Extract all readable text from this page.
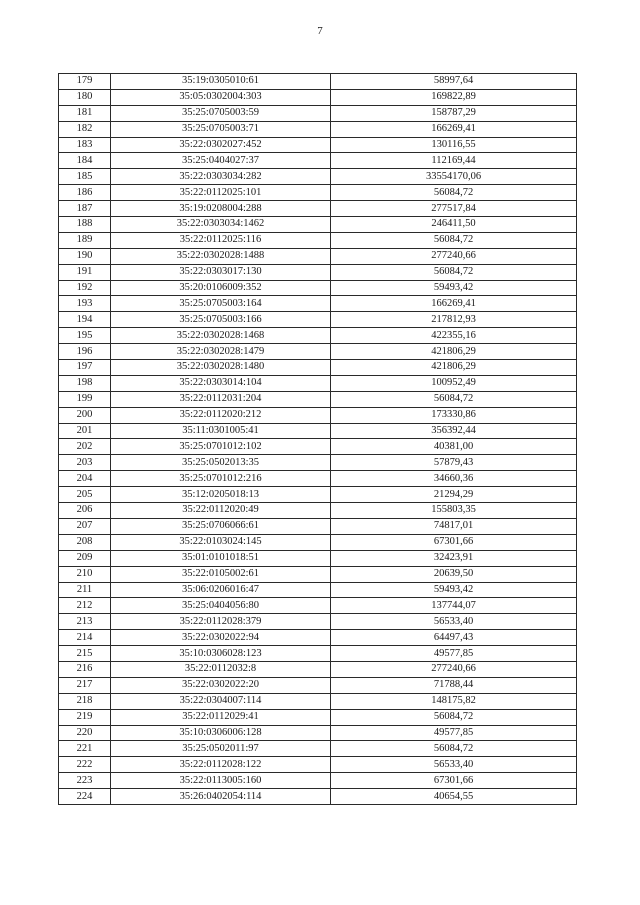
7
179	35:19:0305010:61	58997,64
180	35:05:0302004:303	169822,89
181	35:25:0705003:59	158787,29
182	35:25:0705003:71	166269,41
183	35:22:0302027:452	130116,55
184	35:25:0404027:37	112169,44
185	35:22:0303034:282	33554170,06
186	35:22:0112025:101	56084,72
187	35:19:0208004:288	277517,84
188	35:22:0303034:1462	246411,50
189	35:22:0112025:116	56084,72
190	35:22:0302028:1488	277240,66
191	35:22:0303017:130	56084,72
192	35:20:0106009:352	59493,42
193	35:25:0705003:164	166269,41
194	35:25:0705003:166	217812,93
195	35:22:0302028:1468	422355,16
196	35:22:0302028:1479	421806,29
197	35:22:0302028:1480	421806,29
198	35:22:0303014:104	100952,49
199	35:22:0112031:204	56084,72
200	35:22:0112020:212	173330,86
201	35:11:0301005:41	356392,44
202	35:25:0701012:102	40381,00
203	35:25:0502013:35	57879,43
204	35:25:0701012:216	34660,36
205	35:12:0205018:13	21294,29
206	35:22:0112020:49	155803,35
207	35:25:0706066:61	74817,01
208	35:22:0103024:145	67301,66
209	35:01:0101018:51	32423,91
210	35:22:0105002:61	20639,50
211	35:06:0206016:47	59493,42
212	35:25:0404056:80	137744,07
213	35:22:0112028:379	56533,40
214	35:22:0302022:94	64497,43
215	35:10:0306028:123	49577,85
216	35:22:0112032:8	277240,66
217	35:22:0302022:20	71788,44
218	35:22:0304007:114	148175,82
219	35:22:0112029:41	56084,72
220	35:10:0306006:128	49577,85
221	35:25:0502011:97	56084,72
222	35:22:0112028:122	56533,40
223	35:22:0113005:160	67301,66
224	35:26:0402054:114	40654,55
